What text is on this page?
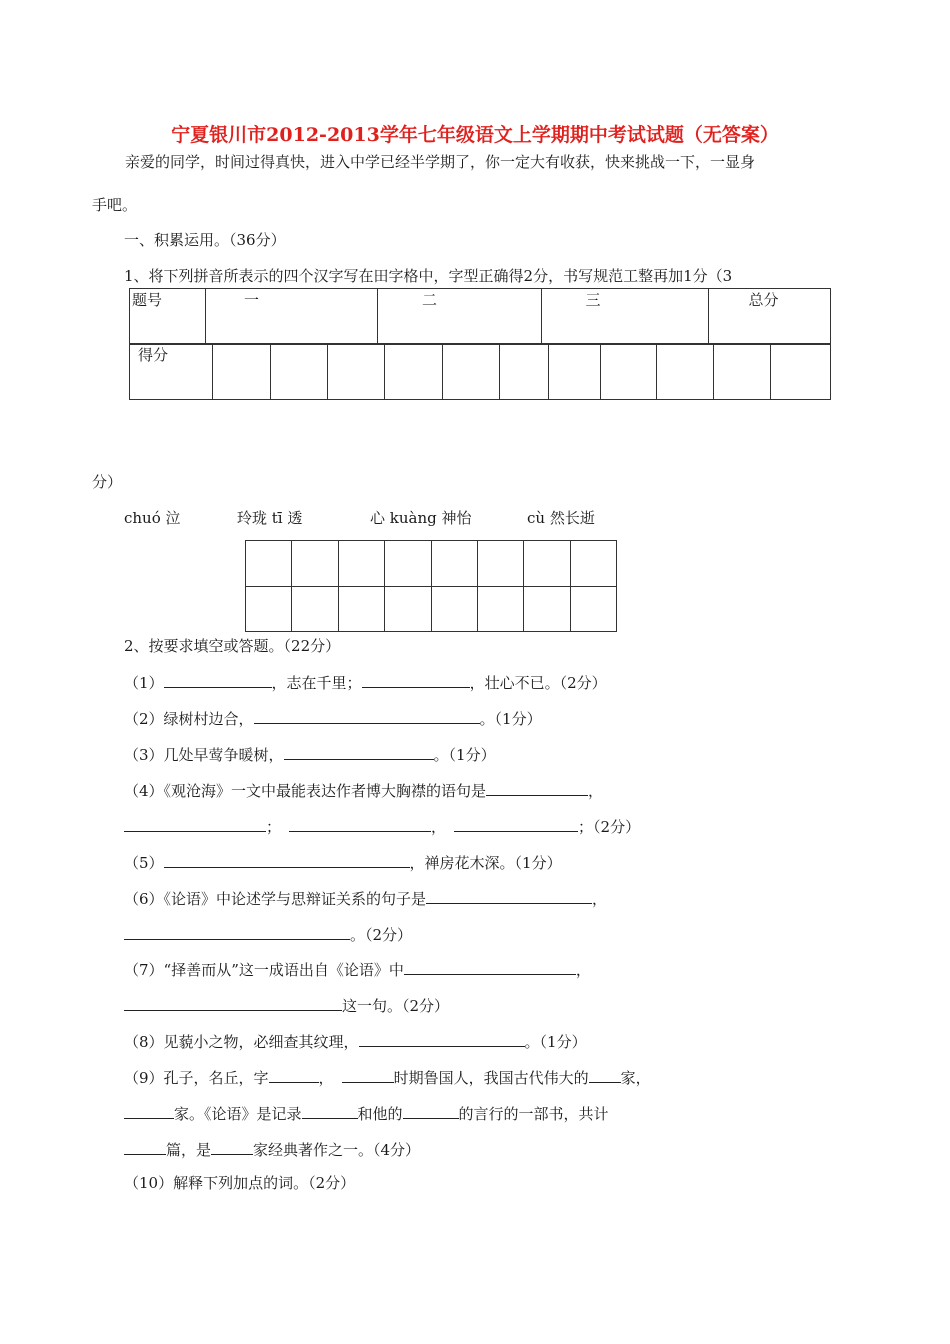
宁夏银川市2012-2013学年七年级语文上学期期中考试试题（无答案）
亲爱的同学，时间过得真快，进入中学已经半学期了，你一定大有收获，快来挑战一下，一显身
手吧。
一、积累运用。（36分）
1、将下列拼音所表示的四个汉字写在田字格中，字型正确得2分，书写规范工整再加1分（3
题号	一	二	三	总分
得分											
分）
chuó 泣	玲珑 tī 透	心 kuàng 神怡	cù 然长逝

2、按要求填空或答题。（22分）
（1）	，志在千里；	，壮心不已。（2分）
（2）绿树村边合，	。（1分）
（3）几处早莺争暖树，	。（1分）
（4）《观沧海》一文中最能表达作者博大胸襟的语句是	，
；	，	；（2分）
（5）	，禅房花木深。（1分）
（6）《论语》中论述学与思辩证关系的句子是	，
。（2分）
（7）“择善而从”这一成语出自《论语》中	，
这一句。（2分）
（8）见藐小之物，必细查其纹理，	。（1分）
（9）孔子，名丘，字	，	时期鲁国人，我国古代伟大的 家，
家。《论语》是记录	和他的	的言行的一部书，共计
篇，是	家经典著作之一。（4分）
（10）解释下列加点的词。（2分）
